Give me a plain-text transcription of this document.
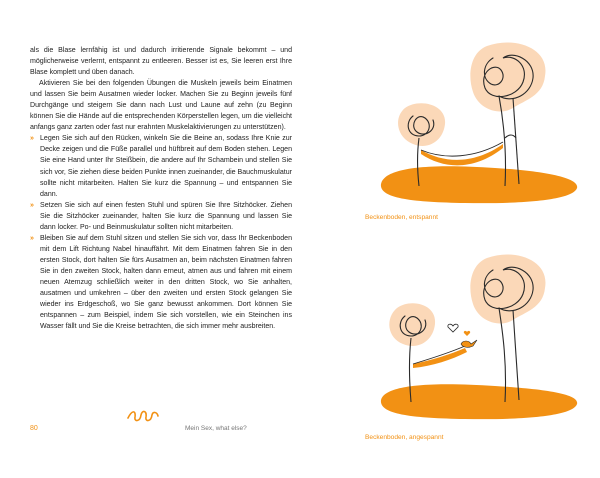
als die Blase lernfähig ist und dadurch irritierende Signale bekommt – und möglicherweise verlernt, entspannt zu entleeren. Besser ist es, Sie leeren erst Ihre Blase komplett und üben danach.

Aktivieren Sie bei den folgenden Übungen die Muskeln jeweils beim Einatmen und lassen Sie beim Ausatmen wieder locker. Machen Sie zu Beginn jeweils fünf Durchgänge und steigern Sie dann nach Lust und Laune auf zehn (zu Beginn können Sie die Hände auf die entsprechenden Körperstellen legen, um die vielleicht anfangs ganz zarten oder fast nur erahnten Muskelaktivierungen zu unterstützen).

» Legen Sie sich auf den Rücken, winkeln Sie die Beine an, sodass Ihre Knie zur Decke zeigen und die Füße parallel und hüftbreit auf dem Boden stehen. Legen Sie eine Hand unter Ihr Steißbein, die andere auf Ihr Schambein und stellen Sie sich vor, Sie ziehen diese beiden Punkte innen zueinander, die Bauchmuskulatur sollte nicht mitarbeiten. Halten Sie kurz die Spannung – und entspannen Sie dann.
» Setzen Sie sich auf einen festen Stuhl und spüren Sie Ihre Sitzhöcker. Ziehen Sie die Sitzhöcker zueinander, halten Sie kurz die Spannung und lassen Sie dann locker. Po- und Beinmuskulatur sollten nicht mitarbeiten.
» Bleiben Sie auf dem Stuhl sitzen und stellen Sie sich vor, dass Ihr Beckenboden mit dem Lift Richtung Nabel hinauffährt. Mit dem Einatmen fahren Sie in den ersten Stock, dort halten Sie fürs Ausatmen an, beim nächsten Einatmen fahren Sie in den zweiten Stock, halten dann erneut, atmen aus und fahren mit einem neuen Atemzug schließlich weiter in den dritten Stock, wo Sie anhalten, ausatmen und umkehren – über den zweiten und ersten Stock gelangen Sie wieder ins Erdgeschoß, wo Sie ganz bewusst ankommen. Dort können Sie entspannen – zum Beispiel, indem Sie sich vorstellen, wie ein Steinchen ins Wasser fällt und Sie die Kreise betrachten, die sich immer mehr ausbreiten.
80	Mein Sex, what else?
Beckenboden, entspannt
Beckenboden, angespannt
